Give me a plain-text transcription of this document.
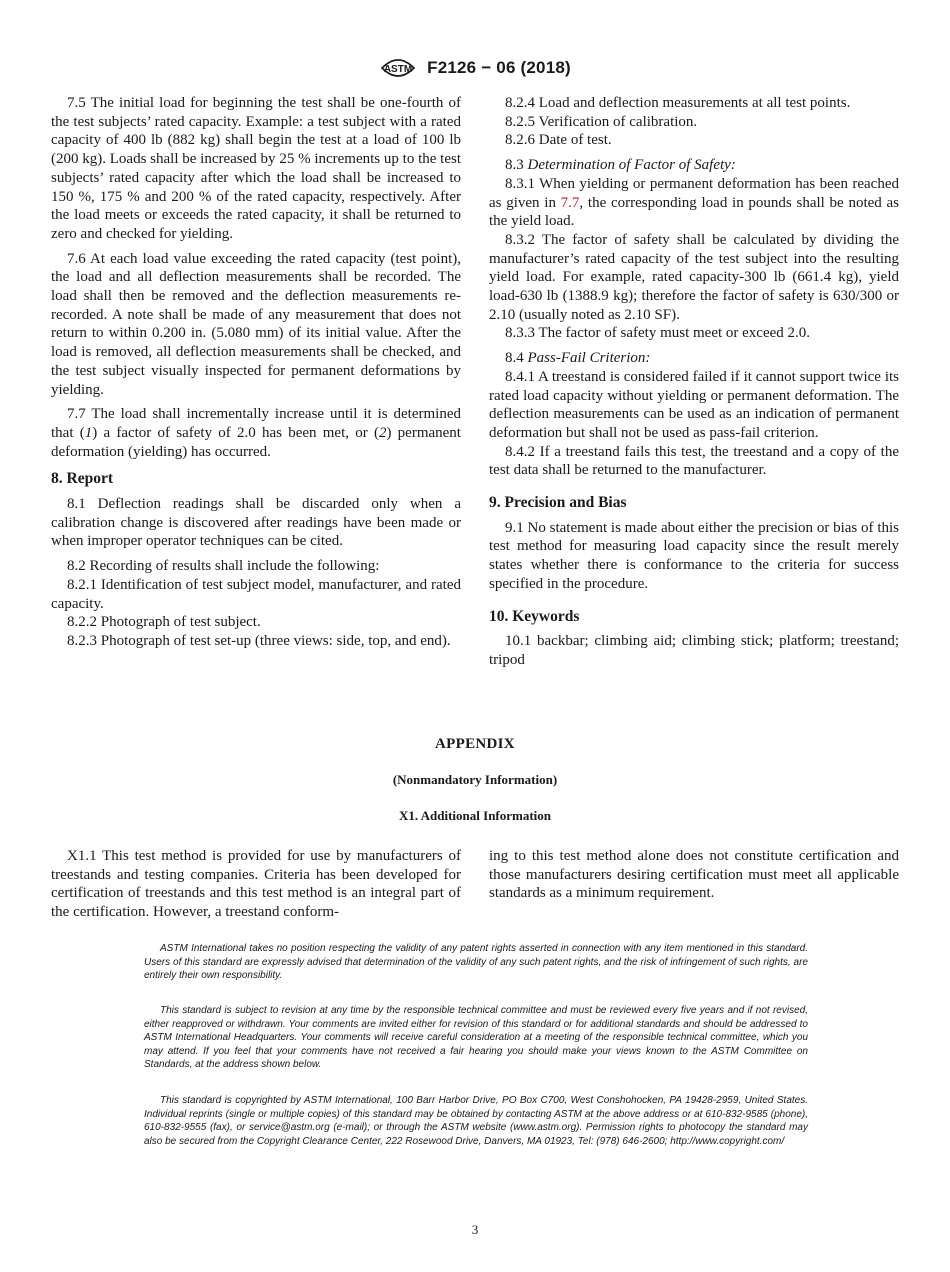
ASTM F2126 − 06 (2018)

7.5 The initial load for beginning the test shall be one-fourth of the test subjects’ rated capacity. Example: a test subject with a rated capacity of 400 lb (882 kg) shall begin the test at a load of 100 lb (200 kg). Loads shall be increased by 25 % increments up to the test subjects’ rated capacity after which the load shall be increased to 150 %, 175 % and 200 % of the rated capacity, respectively. After the load meets or exceeds the rated capacity, it shall be returned to zero and checked for yielding.

7.6 At each load value exceeding the rated capacity (test point), the load and all deflection measurements shall be recorded. The load shall then be removed and the deflection measurements re-recorded. A note shall be made of any measurement that does not return to within 0.200 in. (5.080 mm) of its initial value. After the load is removed, all deflection measurements shall be checked, and the test subject visually inspected for permanent deformations by yielding.

7.7 The load shall incrementally increase until it is determined that (1) a factor of safety of 2.0 has been met, or (2) permanent deformation (yielding) has occurred.

8. Report

8.1 Deflection readings shall be discarded only when a calibration change is discovered after readings have been made or when improper operator techniques can be cited.

8.2 Recording of results shall include the following:

8.2.1 Identification of test subject model, manufacturer, and rated capacity.

8.2.2 Photograph of test subject.

8.2.3 Photograph of test set-up (three views: side, top, and end).

8.2.4 Load and deflection measurements at all test points.

8.2.5 Verification of calibration.

8.2.6 Date of test.

8.3 Determination of Factor of Safety:

8.3.1 When yielding or permanent deformation has been reached as given in 7.7, the corresponding load in pounds shall be noted as the yield load.

8.3.2 The factor of safety shall be calculated by dividing the manufacturer’s rated capacity of the test subject into the resulting yield load. For example, rated capacity-300 lb (661.4 kg), yield load-630 lb (1388.9 kg); therefore the factor of safety is 630/300 or 2.10 (usually noted as 2.10 SF).

8.3.3 The factor of safety must meet or exceed 2.0.

8.4 Pass-Fail Criterion:

8.4.1 A treestand is considered failed if it cannot support twice its rated load capacity without yielding or permanent deformation. The deflection measurements can be used as an indication of permanent deformation but shall not be used as pass-fail criterion.

8.4.2 If a treestand fails this test, the treestand and a copy of the test data shall be returned to the manufacturer.

9. Precision and Bias

9.1 No statement is made about either the precision or bias of this test method for measuring load capacity since the result merely states whether there is conformance to the criteria for success specified in the procedure.

10. Keywords

10.1 backbar; climbing aid; climbing stick; platform; treestand; tripod

APPENDIX
(Nonmandatory Information)
X1. Additional Information

X1.1 This test method is provided for use by manufacturers of treestands and testing companies. Criteria has been developed for certification of treestands and this test method is an integral part of the certification. However, a treestand conform-

ing to this test method alone does not constitute certification and those manufacturers desiring certification must meet all applicable standards as a minimum requirement.

ASTM International takes no position respecting the validity of any patent rights asserted in connection with any item mentioned in this standard. Users of this standard are expressly advised that determination of the validity of any such patent rights, and the risk of infringement of such rights, are entirely their own responsibility.

This standard is subject to revision at any time by the responsible technical committee and must be reviewed every five years and if not revised, either reapproved or withdrawn. Your comments are invited either for revision of this standard or for additional standards and should be addressed to ASTM International Headquarters. Your comments will receive careful consideration at a meeting of the responsible technical committee, which you may attend. If you feel that your comments have not received a fair hearing you should make your views known to the ASTM Committee on Standards, at the address shown below.

This standard is copyrighted by ASTM International, 100 Barr Harbor Drive, PO Box C700, West Conshohocken, PA 19428-2959, United States. Individual reprints (single or multiple copies) of this standard may be obtained by contacting ASTM at the above address or at 610-832-9585 (phone), 610-832-9555 (fax), or service@astm.org (e-mail); or through the ASTM website (www.astm.org). Permission rights to photocopy the standard may also be secured from the Copyright Clearance Center, 222 Rosewood Drive, Danvers, MA 01923, Tel: (978) 646-2600; http://www.copyright.com/

3
